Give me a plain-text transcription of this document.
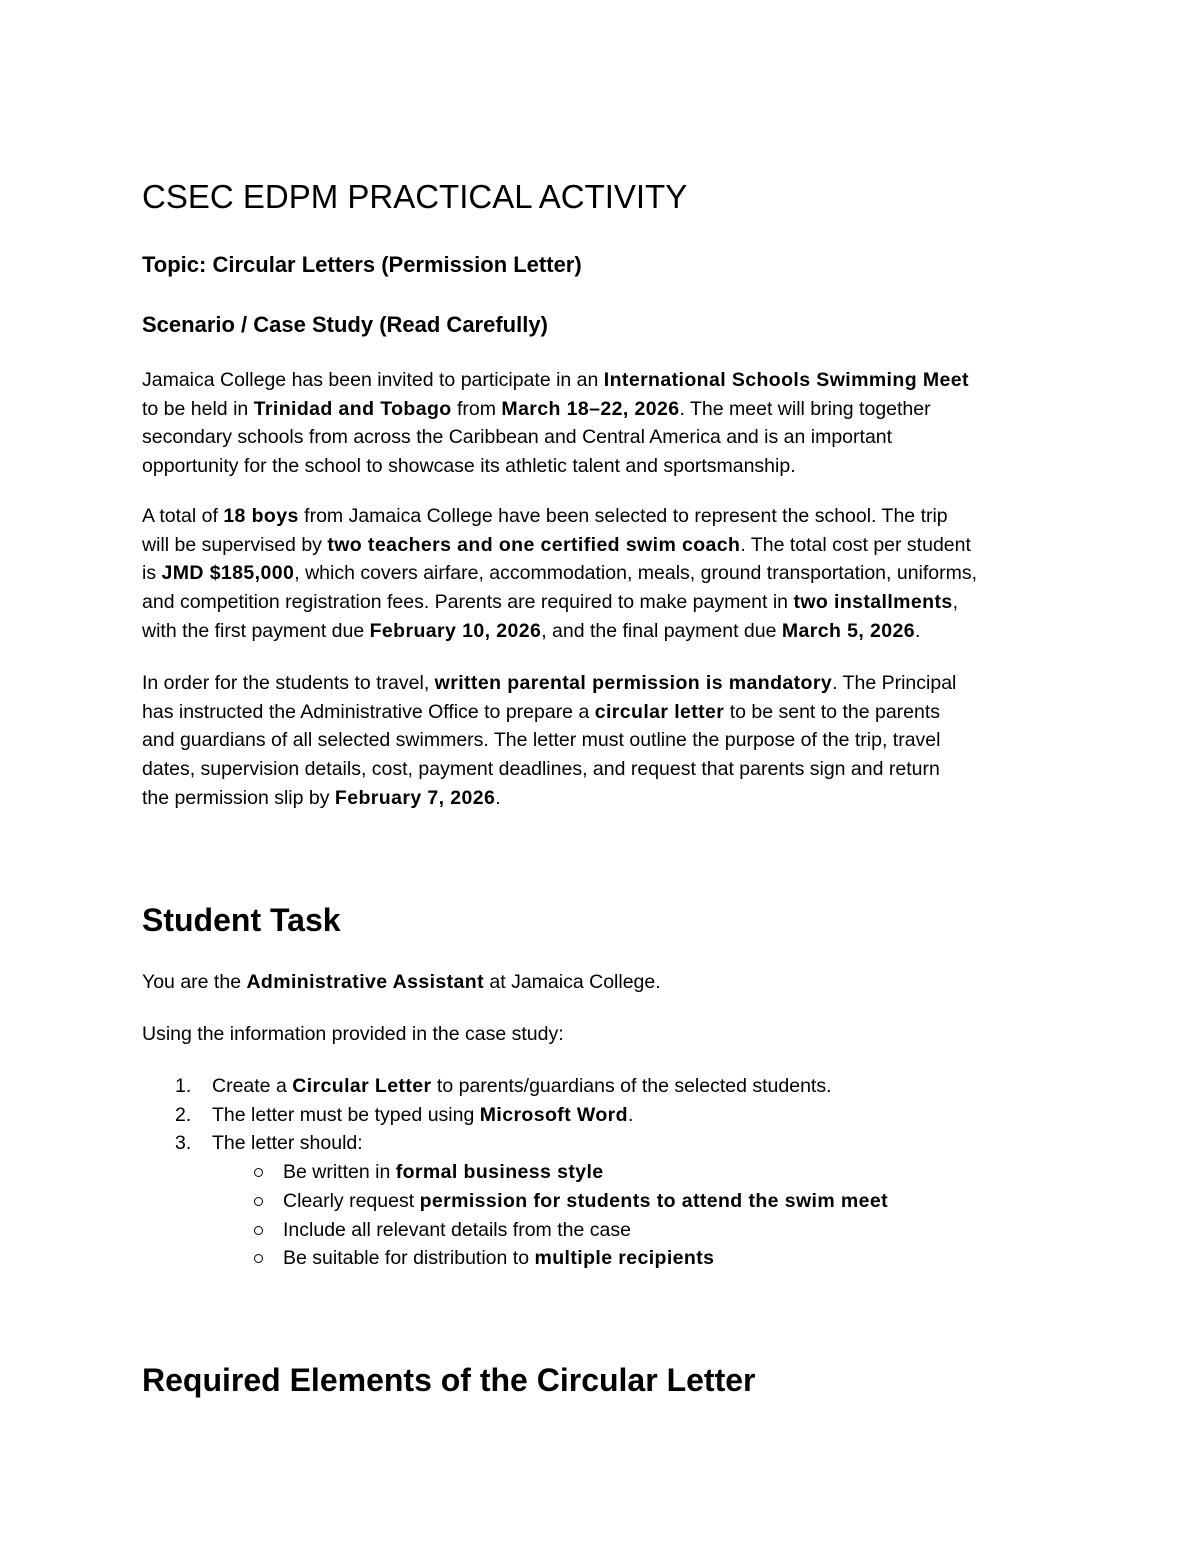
CSEC EDPM PRACTICAL ACTIVITY
Topic: Circular Letters (Permission Letter)
Scenario / Case Study (Read Carefully)
Jamaica College has been invited to participate in an International Schools Swimming Meet
to be held in Trinidad and Tobago from March 18–22, 2026. The meet will bring together
secondary schools from across the Caribbean and Central America and is an important
opportunity for the school to showcase its athletic talent and sportsmanship.
A total of 18 boys from Jamaica College have been selected to represent the school. The trip
will be supervised by two teachers and one certified swim coach. The total cost per student
is JMD $185,000, which covers airfare, accommodation, meals, ground transportation, uniforms,
and competition registration fees. Parents are required to make payment in two installments,
with the first payment due February 10, 2026, and the final payment due March 5, 2026.
In order for the students to travel, written parental permission is mandatory. The Principal
has instructed the Administrative Office to prepare a circular letter to be sent to the parents
and guardians of all selected swimmers. The letter must outline the purpose of the trip, travel
dates, supervision details, cost, payment deadlines, and request that parents sign and return
the permission slip by February 7, 2026.
Student Task
You are the Administrative Assistant at Jamaica College.
Using the information provided in the case study:
1. Create a Circular Letter to parents/guardians of the selected students.
2. The letter must be typed using Microsoft Word.
3. The letter should:
Be written in formal business style
Clearly request permission for students to attend the swim meet
Include all relevant details from the case
Be suitable for distribution to multiple recipients
Required Elements of the Circular Letter
